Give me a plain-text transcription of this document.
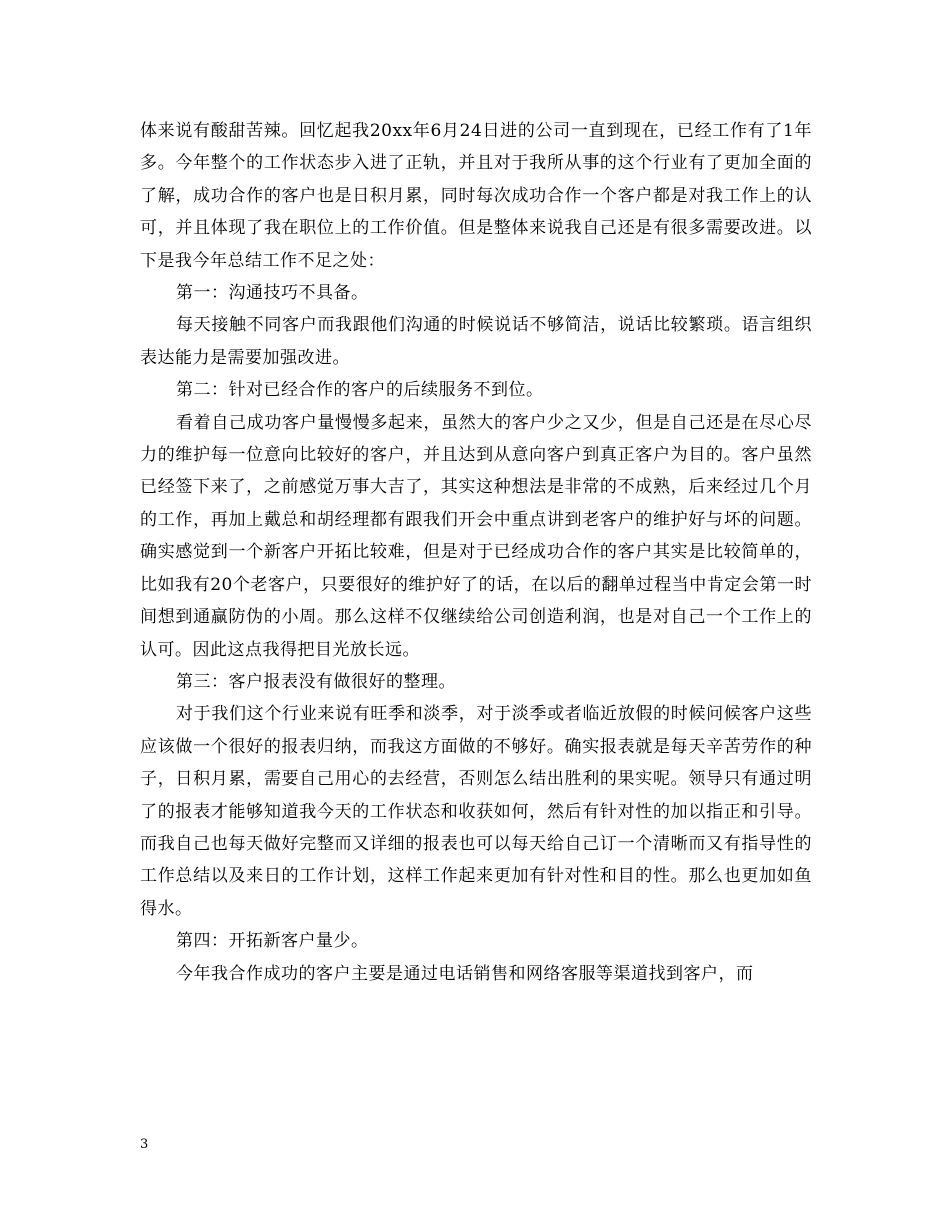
体来说有酸甜苦辣。回忆起我20xx年6月24日进的公司一直到现在，已经工作有了1年多。今年整个的工作状态步入进了正轨，并且对于我所从事的这个行业有了更加全面的了解，成功合作的客户也是日积月累，同时每次成功合作一个客户都是对我工作上的认可，并且体现了我在职位上的工作价值。但是整体来说我自己还是有很多需要改进。以下是我今年总结工作不足之处：

第一：沟通技巧不具备。

每天接触不同客户而我跟他们沟通的时候说话不够简洁，说话比较繁琐。语言组织表达能力是需要加强改进。

第二：针对已经合作的客户的后续服务不到位。

看着自己成功客户量慢慢多起来，虽然大的客户少之又少，但是自己还是在尽心尽力的维护每一位意向比较好的客户，并且达到从意向客户到真正客户为目的。客户虽然已经签下来了，之前感觉万事大吉了，其实这种想法是非常的不成熟，后来经过几个月的工作，再加上戴总和胡经理都有跟我们开会中重点讲到老客户的维护好与坏的问题。确实感觉到一个新客户开拓比较难，但是对于已经成功合作的客户其实是比较简单的，比如我有20个老客户，只要很好的维护好了的话，在以后的翻单过程当中肯定会第一时间想到通赢防伪的小周。那么这样不仅继续给公司创造利润，也是对自己一个工作上的认可。因此这点我得把目光放长远。

第三：客户报表没有做很好的整理。

对于我们这个行业来说有旺季和淡季，对于淡季或者临近放假的时候问候客户这些应该做一个很好的报表归纳，而我这方面做的不够好。确实报表就是每天辛苦劳作的种子，日积月累，需要自己用心的去经营，否则怎么结出胜利的果实呢。领导只有通过明了的报表才能够知道我今天的工作状态和收获如何，然后有针对性的加以指正和引导。而我自己也每天做好完整而又详细的报表也可以每天给自己订一个清晰而又有指导性的工作总结以及来日的工作计划，这样工作起来更加有针对性和目的性。那么也更加如鱼得水。

第四：开拓新客户量少。

今年我合作成功的客户主要是通过电话销售和网络客服等渠道找到客户，而

3
